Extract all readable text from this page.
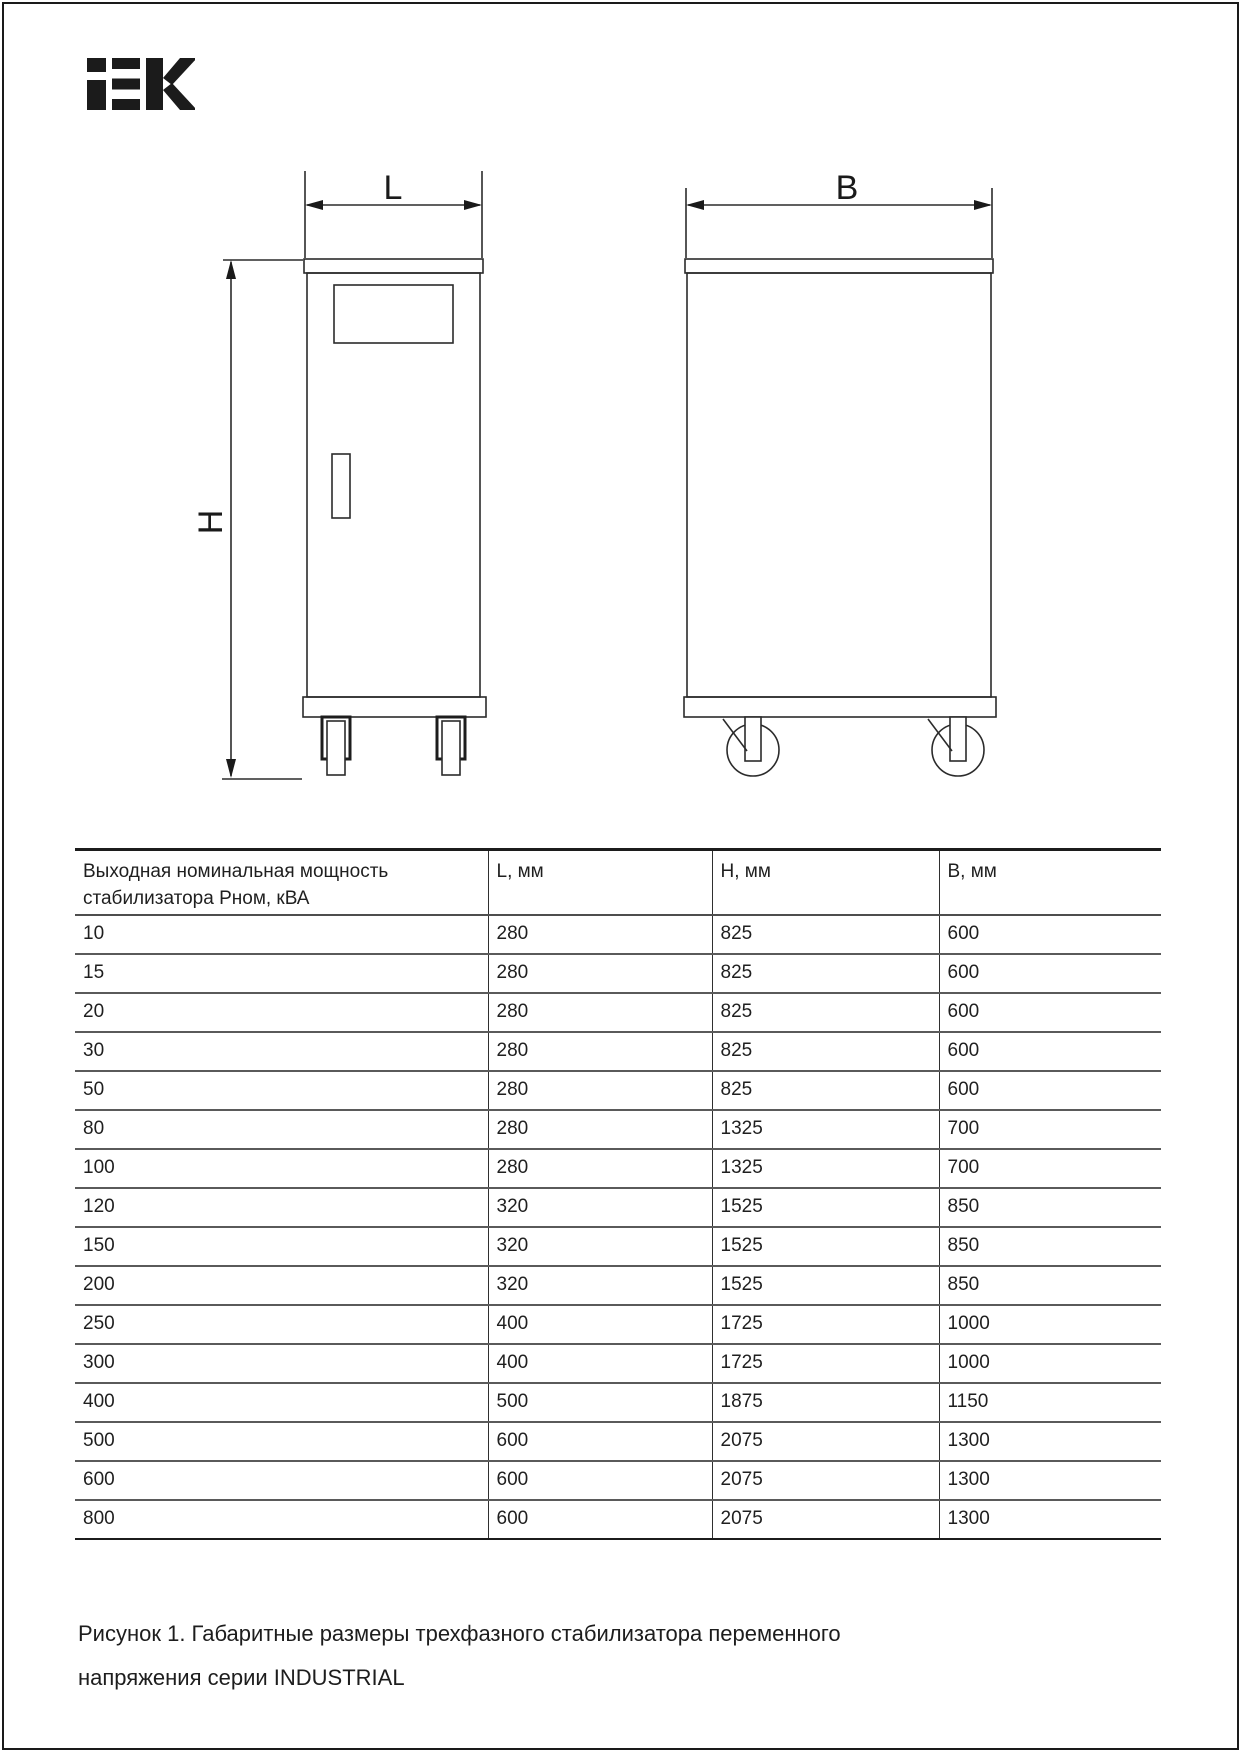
L
H
B
Выходная номинальная мощность стабилизатора Рном, кВА	L, мм	H, мм	B, мм
10	280	825	600
15	280	825	600
20	280	825	600
30	280	825	600
50	280	825	600
80	280	1325	700
100	280	1325	700
120	320	1525	850
150	320	1525	850
200	320	1525	850
250	400	1725	1000
300	400	1725	1000
400	500	1875	1150
500	600	2075	1300
600	600	2075	1300
800	600	2075	1300
Рисунок 1. Габаритные размеры трехфазного стабилизатора переменного
напряжения серии INDUSTRIAL
